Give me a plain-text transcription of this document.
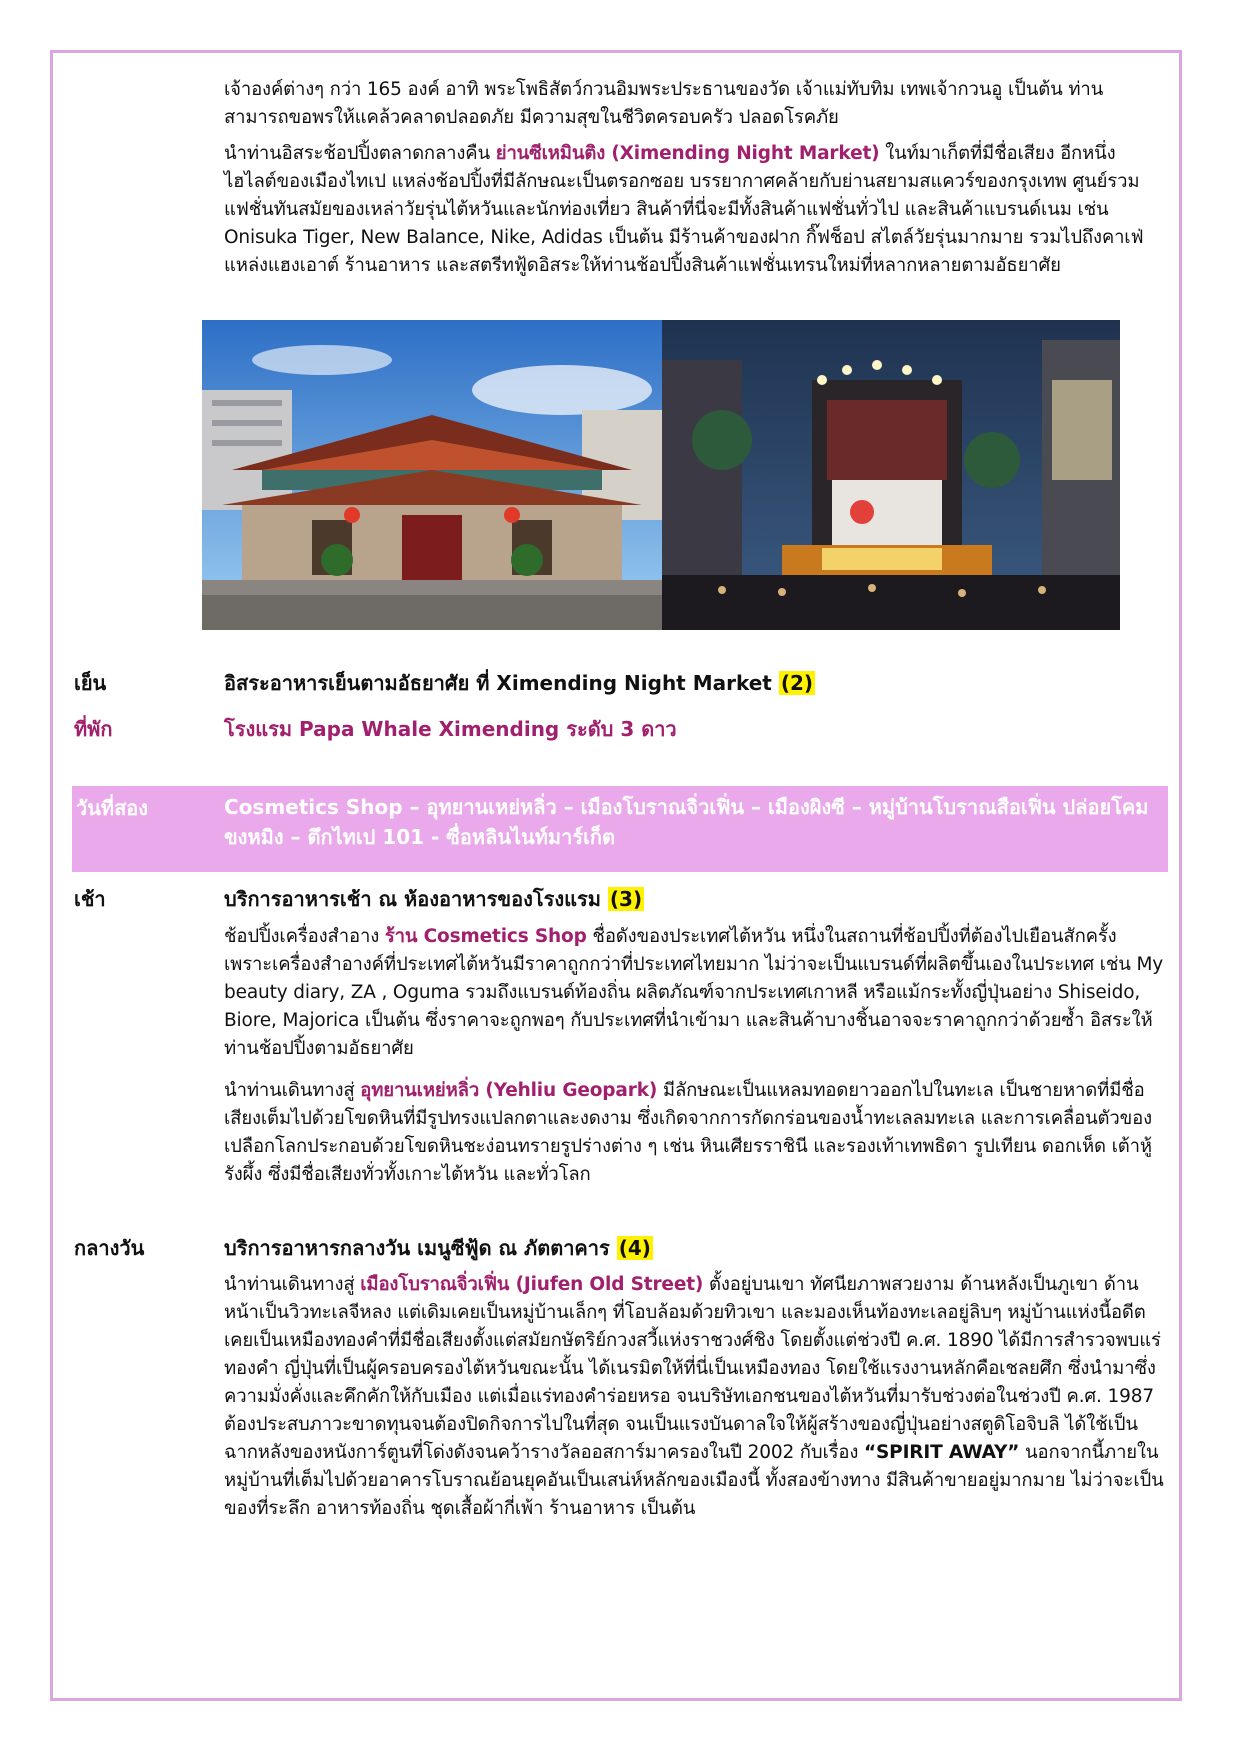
เจ้าองค์ต่างๆ กว่า 165 องค์ อาทิ พระโพธิสัตว์กวนอิมพระประธานของวัด เจ้าแม่ทับทิม เทพเจ้ากวนอู เป็นต้น ท่านสามารถขอพรให้แคล้วคลาดปลอดภัย มีความสุขในชีวิตครอบครัว ปลอดโรคภัย
นำท่านอิสระช้อปปิ้งตลาดกลางคืน ย่านซีเหมินติง (Ximending Night Market) ในท์มาเก็ตที่มีชื่อเสียง อีกหนึ่งไฮไลต์ของเมืองไทเป แหล่งช้อปปิ้งที่มีลักษณะเป็นตรอกซอย บรรยากาศคล้ายกับย่านสยามสแควร์ของกรุงเทพ ศูนย์รวมแฟชั่นทันสมัยของเหล่าวัยรุ่นไต้หวันและนักท่องเที่ยว สินค้าที่นี่จะมีทั้งสินค้าแฟชั่นทั่วไป และสินค้าแบรนด์เนม เช่น Onisuka Tiger, New Balance, Nike, Adidas เป็นต้น มีร้านค้าของฝาก กิ๊ฟช็อป สไตล์วัยรุ่นมากมาย รวมไปถึงคาเฟ่ แหล่งแฮงเอาต์ ร้านอาหาร และสตรีทฟู้ดอิสระให้ท่านช้อปปิ้งสินค้าแฟชั่นเทรนใหม่ที่หลากหลายตามอัธยาศัย
เย็น	อิสระอาหารเย็นตามอัธยาศัย ที่ Ximending Night Market (2)
ที่พัก	โรงแรม Papa Whale Ximending ระดับ 3 ดาว
วันที่สอง	Cosmetics Shop – อุทยานเหย่หลิ่ว – เมืองโบราณจิ่วเฟิ่น – เมืองผิงซี – หมู่บ้านโบราณสือเฟิ่น ปล่อยโคมขงหมิง – ตึกไทเป 101 - ซื่อหลินไนท์มาร์เก็ต
เช้า	บริการอาหารเช้า ณ ห้องอาหารของโรงแรม (3)
ช้อปปิ้งเครื่องสำอาง ร้าน Cosmetics Shop ชื่อดังของประเทศไต้หวัน หนึ่งในสถานที่ช้อปปิ้งที่ต้องไปเยือนสักครั้ง เพราะเครื่องสำอางค์ที่ประเทศไต้หวันมีราคาถูกกว่าที่ประเทศไทยมาก ไม่ว่าจะเป็นแบรนด์ที่ผลิตขึ้นเองในประเทศ เช่น My beauty diary, ZA , Oguma รวมถึงแบรนด์ท้องถิ่น ผลิตภัณฑ์จากประเทศเกาหลี หรือแม้กระทั้งญี่ปุ่นอย่าง Shiseido, Biore, Majorica เป็นต้น ซึ่งราคาจะถูกพอๆ กับประเทศที่นำเข้ามา และสินค้าบางชิ้นอาจจะราคาถูกกว่าด้วยซ้ำ อิสระให้ท่านช้อปปิ้งตามอัธยาศัย
นำท่านเดินทางสู่ อุทยานเหย่หลิ่ว (Yehliu Geopark) มีลักษณะเป็นแหลมทอดยาวออกไปในทะเล เป็นชายหาดที่มีชื่อเสียงเต็มไปด้วยโขดหินที่มีรูปทรงแปลกตาและงดงาม ซึ่งเกิดจากการกัดกร่อนของน้ำทะเลลมทะเล และการเคลื่อนตัวของเปลือกโลกประกอบด้วยโขดหินชะง่อนทรายรูปร่างต่าง ๆ เช่น หินเศียรราชินี และรองเท้าเทพธิดา รูปเทียน ดอกเห็ด เต้าหู้ รังผึ้ง ซึ่งมีชื่อเสียงทั่วทั้งเกาะไต้หวัน และทั่วโลก
กลางวัน	บริการอาหารกลางวัน เมนูซีฟู้ด ณ ภัตตาคาร (4)
นำท่านเดินทางสู่ เมืองโบราณจิ่วเฟิ่น (Jiufen Old Street) ตั้งอยู่บนเขา ทัศนียภาพสวยงาม ด้านหลังเป็นภูเขา ด้านหน้าเป็นวิวทะเลจีหลง แต่เดิมเคยเป็นหมู่บ้านเล็กๆ ที่โอบล้อมด้วยทิวเขา และมองเห็นท้องทะเลอยู่ลิบๆ หมู่บ้านแห่งนี้อดีตเคยเป็นเหมืองทองคำที่มีชื่อเสียงตั้งแต่สมัยกษัตริย์กวงสวี้แห่งราชวงศ์ชิง โดยตั้งแต่ช่วงปี ค.ศ. 1890 ได้มีการสำรวจพบแร่ทองคำ ญี่ปุ่นที่เป็นผู้ครอบครองไต้หวันขณะนั้น ได้เนรมิตให้ที่นี่เป็นเหมืองทอง โดยใช้แรงงานหลักคือเชลยศึก ซึ่งนำมาซึ่งความมั่งคั่งและคึกคักให้กับเมือง แต่เมื่อแร่ทองคำร่อยหรอ จนบริษัทเอกชนของไต้หวันที่มารับช่วงต่อในช่วงปี ค.ศ. 1987 ต้องประสบภาวะขาดทุนจนต้องปิดกิจการไปในที่สุด จนเป็นแรงบันดาลใจให้ผู้สร้างของญี่ปุ่นอย่างสตูดิโอจิบลิ ได้ใช้เป็นฉากหลังของหนังการ์ตูนที่โด่งดังจนคว้ารางวัลออสการ์มาครองในปี 2002 กับเรื่อง “SPIRIT AWAY” นอกจากนี้ภายในหมู่บ้านที่เต็มไปด้วยอาคารโบราณย้อนยุคอันเป็นเสน่ห์หลักของเมืองนี้ ทั้งสองข้างทาง มีสินค้าขายอยู่มากมาย ไม่ว่าจะเป็น ของที่ระลึก อาหารท้องถิ่น ชุดเสื้อผ้ากี่เพ้า ร้านอาหาร เป็นต้น
